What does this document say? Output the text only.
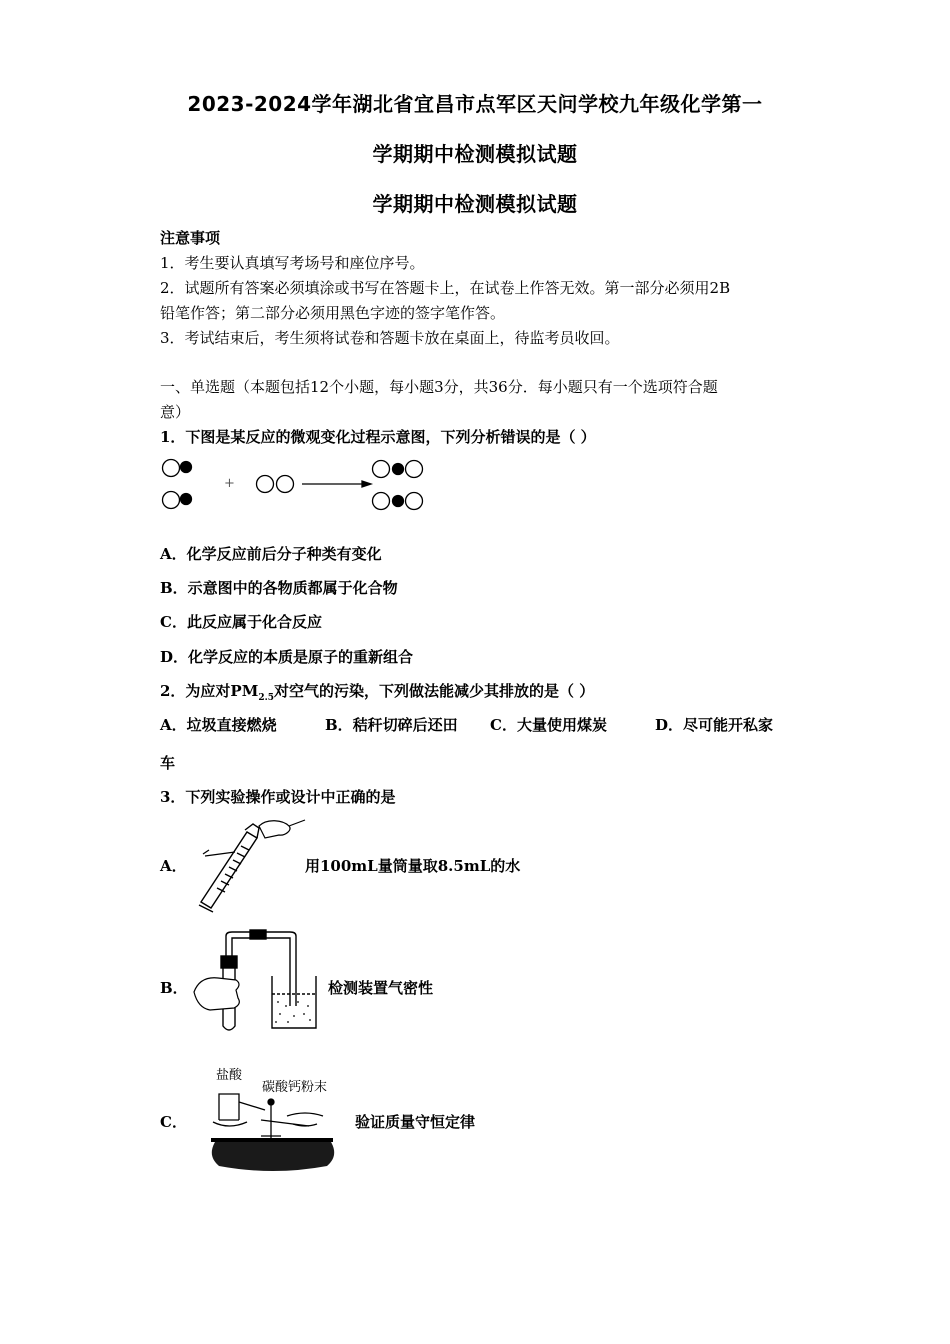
2023-2024学年湖北省宜昌市点军区天问学校九年级化学第一
学期期中检测模拟试题
学期期中检测模拟试题
注意事项
1．考生要认真填写考场号和座位序号。
2．试题所有答案必须填涂或书写在答题卡上，在试卷上作答无效。第一部分必须用2B
铅笔作答；第二部分必须用黑色字迹的签字笔作答。
3．考试结束后，考生须将试卷和答题卡放在桌面上，待监考员收回。
一、单选题（本题包括12个小题，每小题3分，共36分．每小题只有一个选项符合题
意）
1．下图是某反应的微观变化过程示意图，下列分析错误的是（ ）
+
A．化学反应前后分子种类有变化
B．示意图中的各物质都属于化合物
C．此反应属于化合反应
D．化学反应的本质是原子的重新组合
2．为应对$PM_{2.5}$对空气的污染，下列做法能减少其排放的是（ ）
A．垃圾直接燃烧	B．秸秆切碎后还田 C．大量使用煤炭	D．尽可能开私家
车
3．下列实验操作或设计中正确的是
A．	用100mL量筒量取8.5mL的水
B．	检测装置气密性
C．
盐酸
碳酸钙粉末
验证质量守恒定律
